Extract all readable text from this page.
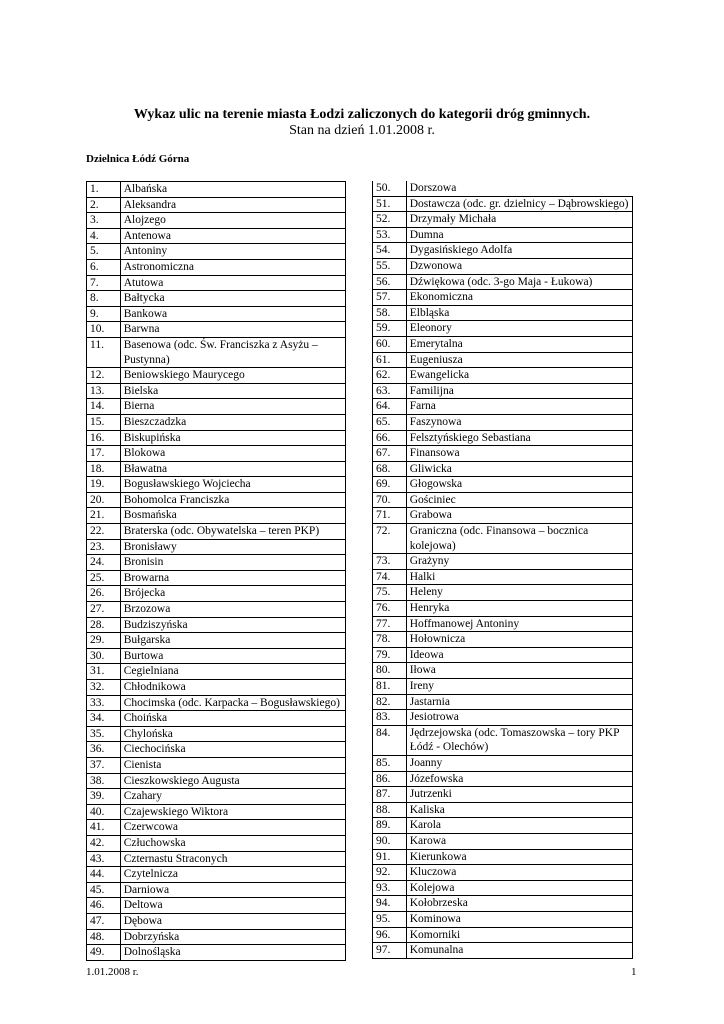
Wykaz ulic na terenie miasta Łodzi zaliczonych do kategorii dróg gminnych.
Stan na dzień 1.01.2008 r.
Dzielnica Łódź Górna
1.	Albańska
2.	Aleksandra
3.	Alojzego
4.	Antenowa
5.	Antoniny
6.	Astronomiczna
7.	Atutowa
8.	Bałtycka
9.	Bankowa
10.	Barwna
11.	Basenowa (odc. Św. Franciszka z Asyżu – Pustynna)
12.	Beniowskiego Maurycego
13.	Bielska
14.	Bierna
15.	Bieszczadzka
16.	Biskupińska
17.	Blokowa
18.	Bławatna
19.	Bogusławskiego Wojciecha
20.	Bohomolca Franciszka
21.	Bosmańska
22.	Braterska (odc. Obywatelska – teren PKP)
23.	Bronisławy
24.	Bronisin
25.	Browarna
26.	Brójecka
27.	Brzozowa
28.	Budziszyńska
29.	Bułgarska
30.	Burtowa
31.	Cegielniana
32.	Chłodnikowa
33.	Chocimska (odc. Karpacka – Bogusławskiego)
34.	Choińska
35.	Chylońska
36.	Ciechocińska
37.	Cienista
38.	Cieszkowskiego Augusta
39.	Czahary
40.	Czajewskiego Wiktora
41.	Czerwcowa
42.	Człuchowska
43.	Czternastu Straconych
44.	Czytelnicza
45.	Darniowa
46.	Deltowa
47.	Dębowa
48.	Dobrzyńska
49.	Dolnośląska
50.	Dorszowa
51.	Dostawcza (odc. gr. dzielnicy – Dąbrowskiego)
52.	Drzymały Michała
53.	Dumna
54.	Dygasińskiego Adolfa
55.	Dzwonowa
56.	Dźwiękowa (odc. 3-go Maja - Łukowa)
57.	Ekonomiczna
58.	Elbląska
59.	Eleonory
60.	Emerytalna
61.	Eugeniusza
62.	Ewangelicka
63.	Familijna
64.	Farna
65.	Faszynowa
66.	Felsztyńskiego Sebastiana
67.	Finansowa
68.	Gliwicka
69.	Głogowska
70.	Gościniec
71.	Grabowa
72.	Graniczna (odc. Finansowa – bocznica kolejowa)
73.	Grażyny
74.	Halki
75.	Heleny
76.	Henryka
77.	Hoffmanowej Antoniny
78.	Hołownicza
79.	Ideowa
80.	Iłowa
81.	Ireny
82.	Jastarnia
83.	Jesiotrowa
84.	Jędrzejowska (odc. Tomaszowska – tory PKP Łódź - Olechów)
85.	Joanny
86.	Józefowska
87.	Jutrzenki
88.	Kaliska
89.	Karola
90.	Karowa
91.	Kierunkowa
92.	Kluczowa
93.	Kolejowa
94.	Kołobrzeska
95.	Kominowa
96.	Komorniki
97.	Komunalna
1.01.2008 r.	1
